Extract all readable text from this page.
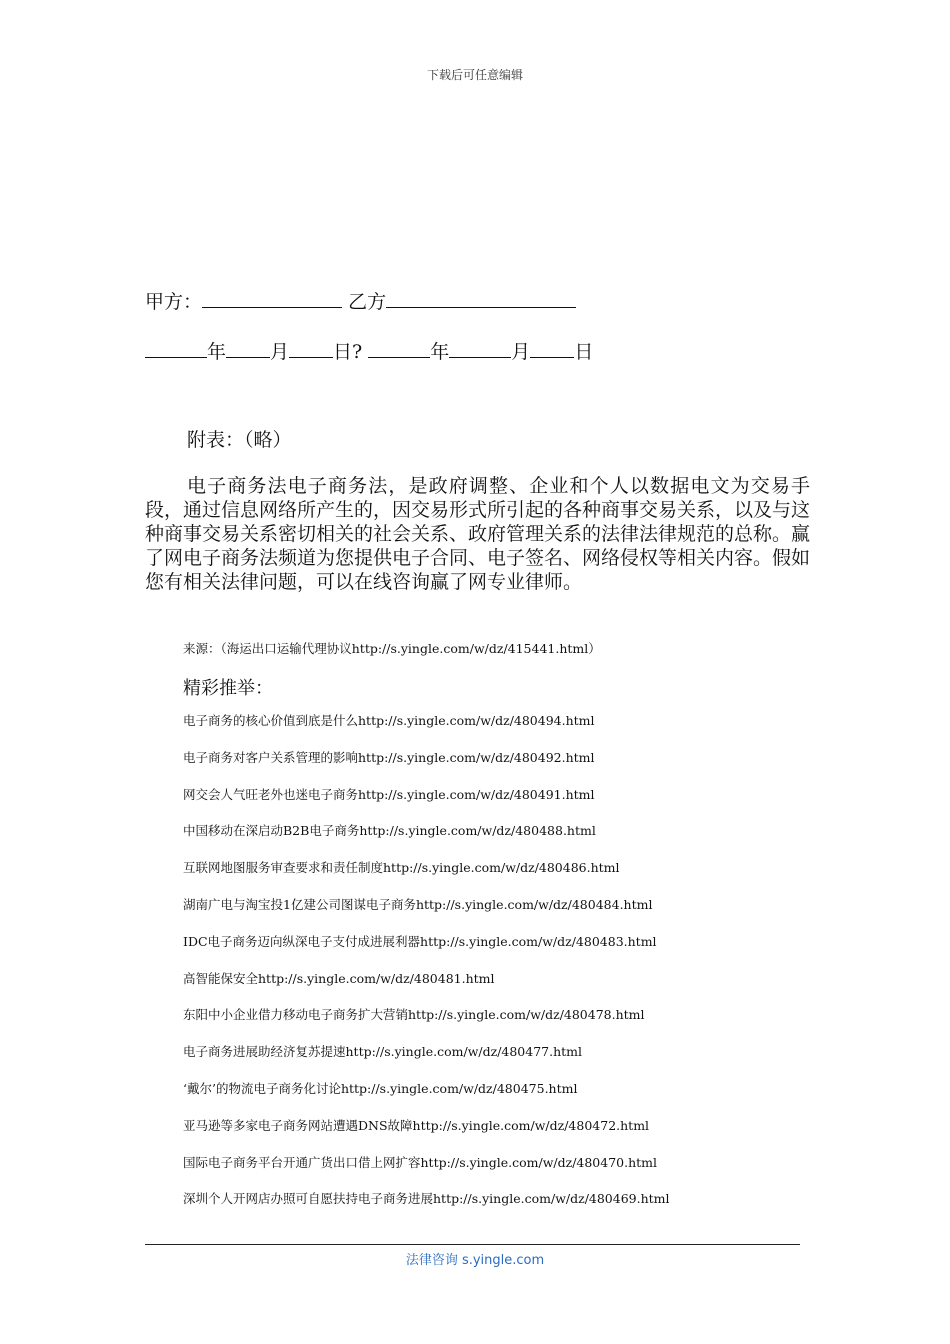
下载后可任意编辑
甲方：	乙方
年 月 日?	年	月 日
附表：（略）
电子商务法电子商务法，是政府调整、企业和个人以数据电文为交易手段，通过信息网络所产生的，因交易形式所引起的各种商事交易关系，以及与这种商事交易关系密切相关的社会关系、政府管理关系的法律法律规范的总称。赢了网电子商务法频道为您提供电子合同、电子签名、网络侵权等相关内容。假如您有相关法律问题，可以在线咨询赢了网专业律师。
来源：（海运出口运输代理协议http://s.yingle.com/w/dz/415441.html）
精彩推举：
电子商务的核心价值到底是什么http://s.yingle.com/w/dz/480494.html
电子商务对客户关系管理的影响http://s.yingle.com/w/dz/480492.html
网交会人气旺老外也迷电子商务http://s.yingle.com/w/dz/480491.html
中国移动在深启动B2B电子商务http://s.yingle.com/w/dz/480488.html
互联网地图服务审查要求和责任制度http://s.yingle.com/w/dz/480486.html
湖南广电与淘宝投1亿建公司图谋电子商务http://s.yingle.com/w/dz/480484.html
IDC电子商务迈向纵深电子支付成进展利器http://s.yingle.com/w/dz/480483.html
高智能保安全http://s.yingle.com/w/dz/480481.html
东阳中小企业借力移动电子商务扩大营销http://s.yingle.com/w/dz/480478.html
电子商务进展助经济复苏提速http://s.yingle.com/w/dz/480477.html
‘戴尔’的物流电子商务化讨论http://s.yingle.com/w/dz/480475.html
亚马逊等多家电子商务网站遭遇DNS故障http://s.yingle.com/w/dz/480472.html
国际电子商务平台开通广货出口借上网扩容http://s.yingle.com/w/dz/480470.html
深圳个人开网店办照可自愿扶持电子商务进展http://s.yingle.com/w/dz/480469.html
法律咨询 s.yingle.com
